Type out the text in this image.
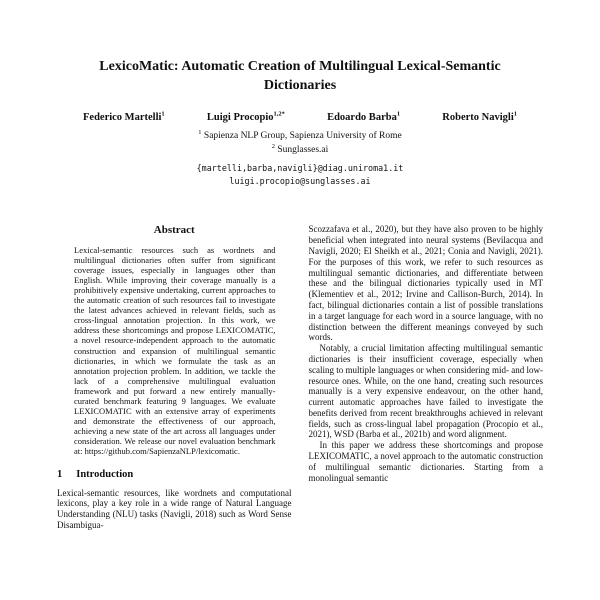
LexicoMatic: Automatic Creation of Multilingual Lexical-Semantic Dictionaries
Federico Martelli$^1$	Luigi Procopio$^{1,2*}$	Edoardo Barba$^1$	Roberto Navigli$^1$
$^1$ Sapienza NLP Group, Sapienza University of Rome
$^2$ Sunglasses.ai
{martelli,barba,navigli}@diag.uniroma1.it
luigi.procopio@sunglasses.ai
Abstract

Lexical-semantic resources such as wordnets and multilingual dictionaries often suffer from significant coverage issues, especially in languages other than English. While improving their coverage manually is a prohibitively expensive undertaking, current approaches to the automatic creation of such resources fail to investigate the latest advances achieved in relevant fields, such as cross-lingual annotation projection. In this work, we address these shortcomings and propose LEXICOMATIC, a novel resource-independent approach to the automatic construction and expansion of multilingual semantic dictionaries, in which we formulate the task as an annotation projection problem. In addition, we tackle the lack of a comprehensive multilingual evaluation framework and put forward a new entirely manually-curated benchmark featuring 9 languages. We evaluate LEXICOMATIC with an extensive array of experiments and demonstrate the effectiveness of our approach, achieving a new state of the art across all languages under consideration. We release our novel evaluation benchmark at: https://github.com/SapienzaNLP/lexicomatic.

1 Introduction

Lexical-semantic resources, like wordnets and computational lexicons, play a key role in a wide range of Natural Language Understanding (NLU) tasks (Navigli, 2018) such as Word Sense Disambigua-

Scozzafava et al., 2020), but they have also proven to be highly beneficial when integrated into neural systems (Bevilacqua and Navigli, 2020; El Sheikh et al., 2021; Conia and Navigli, 2021). For the purposes of this work, we refer to such resources as multilingual semantic dictionaries, and differentiate between these and the bilingual dictionaries typically used in MT (Klementiev et al., 2012; Irvine and Callison-Burch, 2014). In fact, bilingual dictionaries contain a list of possible translations in a target language for each word in a source language, with no distinction between the different meanings conveyed by such words.

Notably, a crucial limitation affecting multilingual semantic dictionaries is their insufficient coverage, especially when scaling to multiple languages or when considering mid- and low-resource ones. While, on the one hand, creating such resources manually is a very expensive endeavour, on the other hand, current automatic approaches have failed to investigate the benefits derived from recent breakthroughs achieved in relevant fields, such as cross-lingual label propagation (Procopio et al., 2021), WSD (Barba et al., 2021b) and word alignment.

In this paper we address these shortcomings and propose LEXICOMATIC, a novel approach to the automatic construction of multilingual semantic dictionaries. Starting from a monolingual semantic
